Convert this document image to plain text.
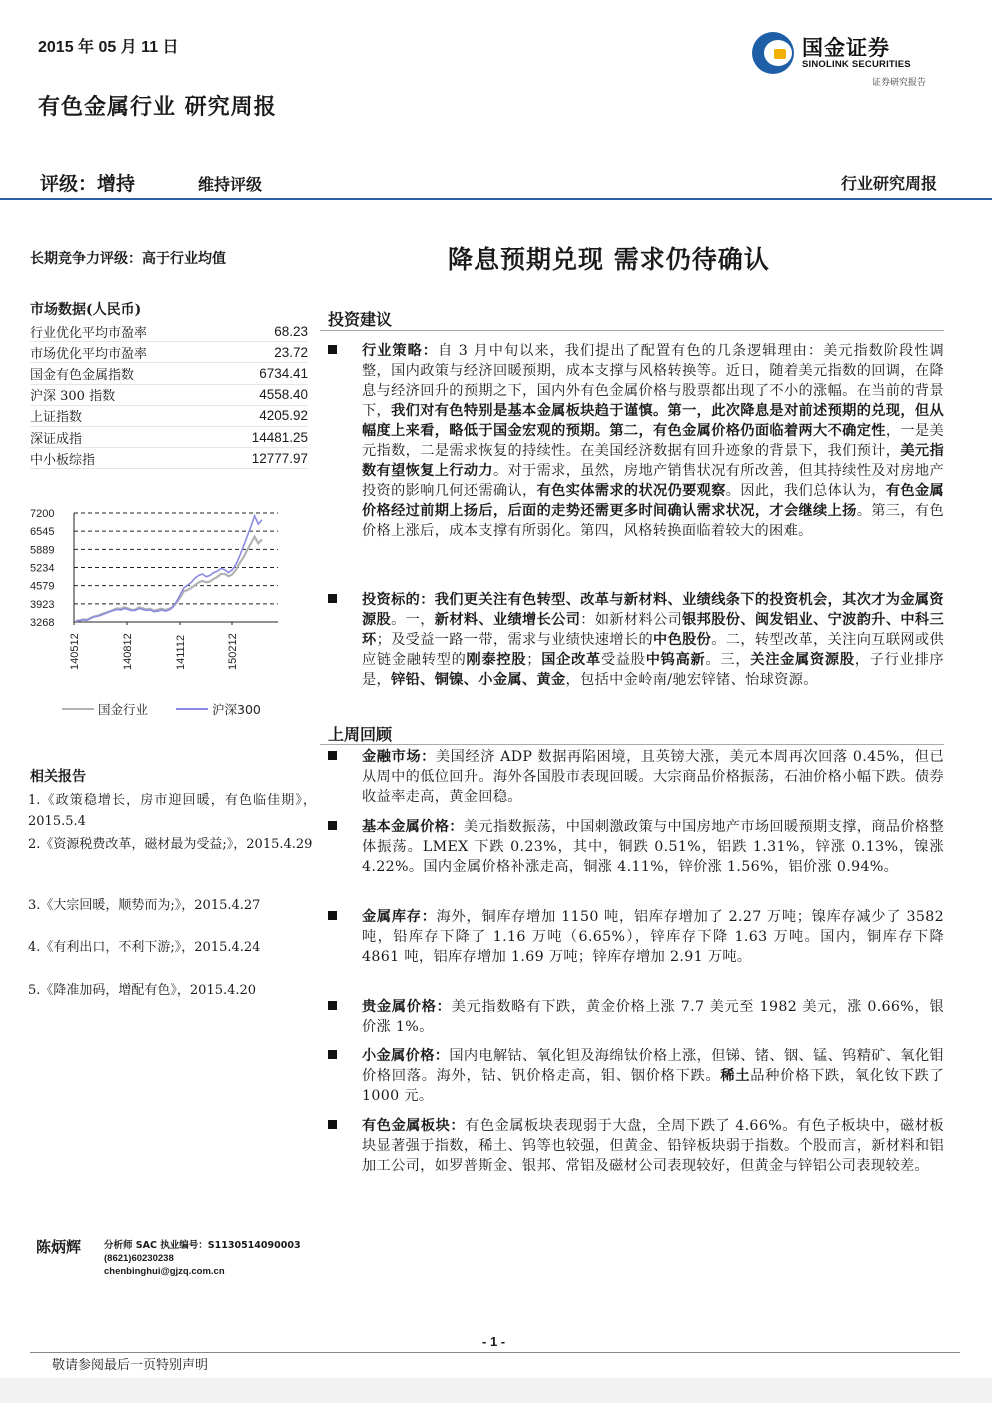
2015 年 05 月 11 日	国金证券
SINOLINK SECURITIES
证券研究报告
有色金属行业 研究周报
评级：增持	维持评级	行业研究周报
长期竞争力评级：高于行业均值
市场数据(人民币)
行业优化平均市盈率	68.23
市场优化平均市盈率	23.72
国金有色金属指数	6734.41
沪深 300 指数	4558.40
上证指数	4205.92
深证成指	14481.25
中小板综指	12777.97
7200
6545
5889
5234
4579
3923
3268
140512	140812	141112	150212
国金行业	沪深300
相关报告
1.《政策稳增长，房市迎回暖，有色临佳期》，2015.5.4
2.《资源税费改革，磁材最为受益;》，2015.4.29
3.《大宗回暖，顺势而为;》，2015.4.27
4.《有利出口，不利下游;》，2015.4.24
5.《降准加码，增配有色》，2015.4.20
陈炳辉 分析师 SAC 执业编号：S1130514090003
(8621)60230238
chenbinghui@gjzq.com.cn
降息预期兑现 需求仍待确认
投资建议

行业策略：自 3 月中旬以来，我们提出了配置有色的几条逻辑理由：美元指数阶段性调整，国内政策与经济回暖预期，成本支撑与风格转换等。近日，随着美元指数的回调，在降息与经济回升的预期之下，国内外有色金属价格与股票都出现了不小的涨幅。在当前的背景下，我们对有色特别是基本金属板块趋于谨慎。第一，此次降息是对前述预期的兑现，但从幅度上来看，略低于国金宏观的预期。第二，有色金属价格仍面临着两大不确定性，一是美元指数，二是需求恢复的持续性。在美国经济数据有回升迹象的背景下，我们预计，美元指数有望恢复上行动力。对于需求，虽然，房地产销售状况有所改善，但其持续性及对房地产投资的影响几何还需确认，有色实体需求的状况仍要观察。因此，我们总体认为，有色金属价格经过前期上扬后，后面的走势还需更多时间确认需求状况，才会继续上扬。第三，有色价格上涨后，成本支撑有所弱化。第四，风格转换面临着较大的困难。

投资标的：我们更关注有色转型、改革与新材料、业绩线条下的投资机会，其次才为金属资源股。一，新材料、业绩增长公司：如新材料公司银邦股份、闽发铝业、宁波韵升、中科三环；及受益一路一带，需求与业绩快速增长的中色股份。二，转型改革，关注向互联网或供应链金融转型的刚泰控股；国企改革受益股中钨高新。三，关注金属资源股，子行业排序是，锌铅、铜镍、小金属、黄金，包括中金岭南/驰宏锌锗、怡球资源。

上周回顾

金融市场：美国经济 ADP 数据再陷困境，且英镑大涨，美元本周再次回落 0.45%，但已从周中的低位回升。海外各国股市表现回暖。大宗商品价格振荡，石油价格小幅下跌。债券收益率走高，黄金回稳。

基本金属价格：美元指数振荡，中国刺激政策与中国房地产市场回暖预期支撑，商品价格整体振荡。LMEX 下跌 0.23%，其中，铜跌 0.51%，铝跌 1.31%，锌涨 0.13%，镍涨 4.22%。国内金属价格补涨走高，铜涨 4.11%，锌价涨 1.56%，铝价涨 0.94%。

金属库存：海外，铜库存增加 1150 吨，铝库存增加了 2.27 万吨；镍库存减少了 3582 吨，铅库存下降了 1.16 万吨（6.65%），锌库存下降 1.63 万吨。国内，铜库存下降 4861 吨，铝库存增加 1.69 万吨；锌库存增加 2.91 万吨。

贵金属价格：美元指数略有下跌，黄金价格上涨 7.7 美元至 1982 美元，涨 0.66%，银价涨 1%。

小金属价格：国内电解钴、氧化钽及海绵钛价格上涨，但锑、锗、铟、锰、钨精矿、氧化钼价格回落。海外，钴、钒价格走高，钼、铟价格下跌。稀土品种价格下跌，氧化钕下跌了 1000 元。

有色金属板块：有色金属板块表现弱于大盘，全周下跌了 4.66%。有色子板块中，磁材板块显著强于指数，稀土、钨等也较强，但黄金、铅锌板块弱于指数。个股而言，新材料和铝加工公司，如罗普斯金、银邦、常铝及磁材公司表现较好，但黄金与锌铝公司表现较差。

- 1 -
敬请参阅最后一页特别声明
